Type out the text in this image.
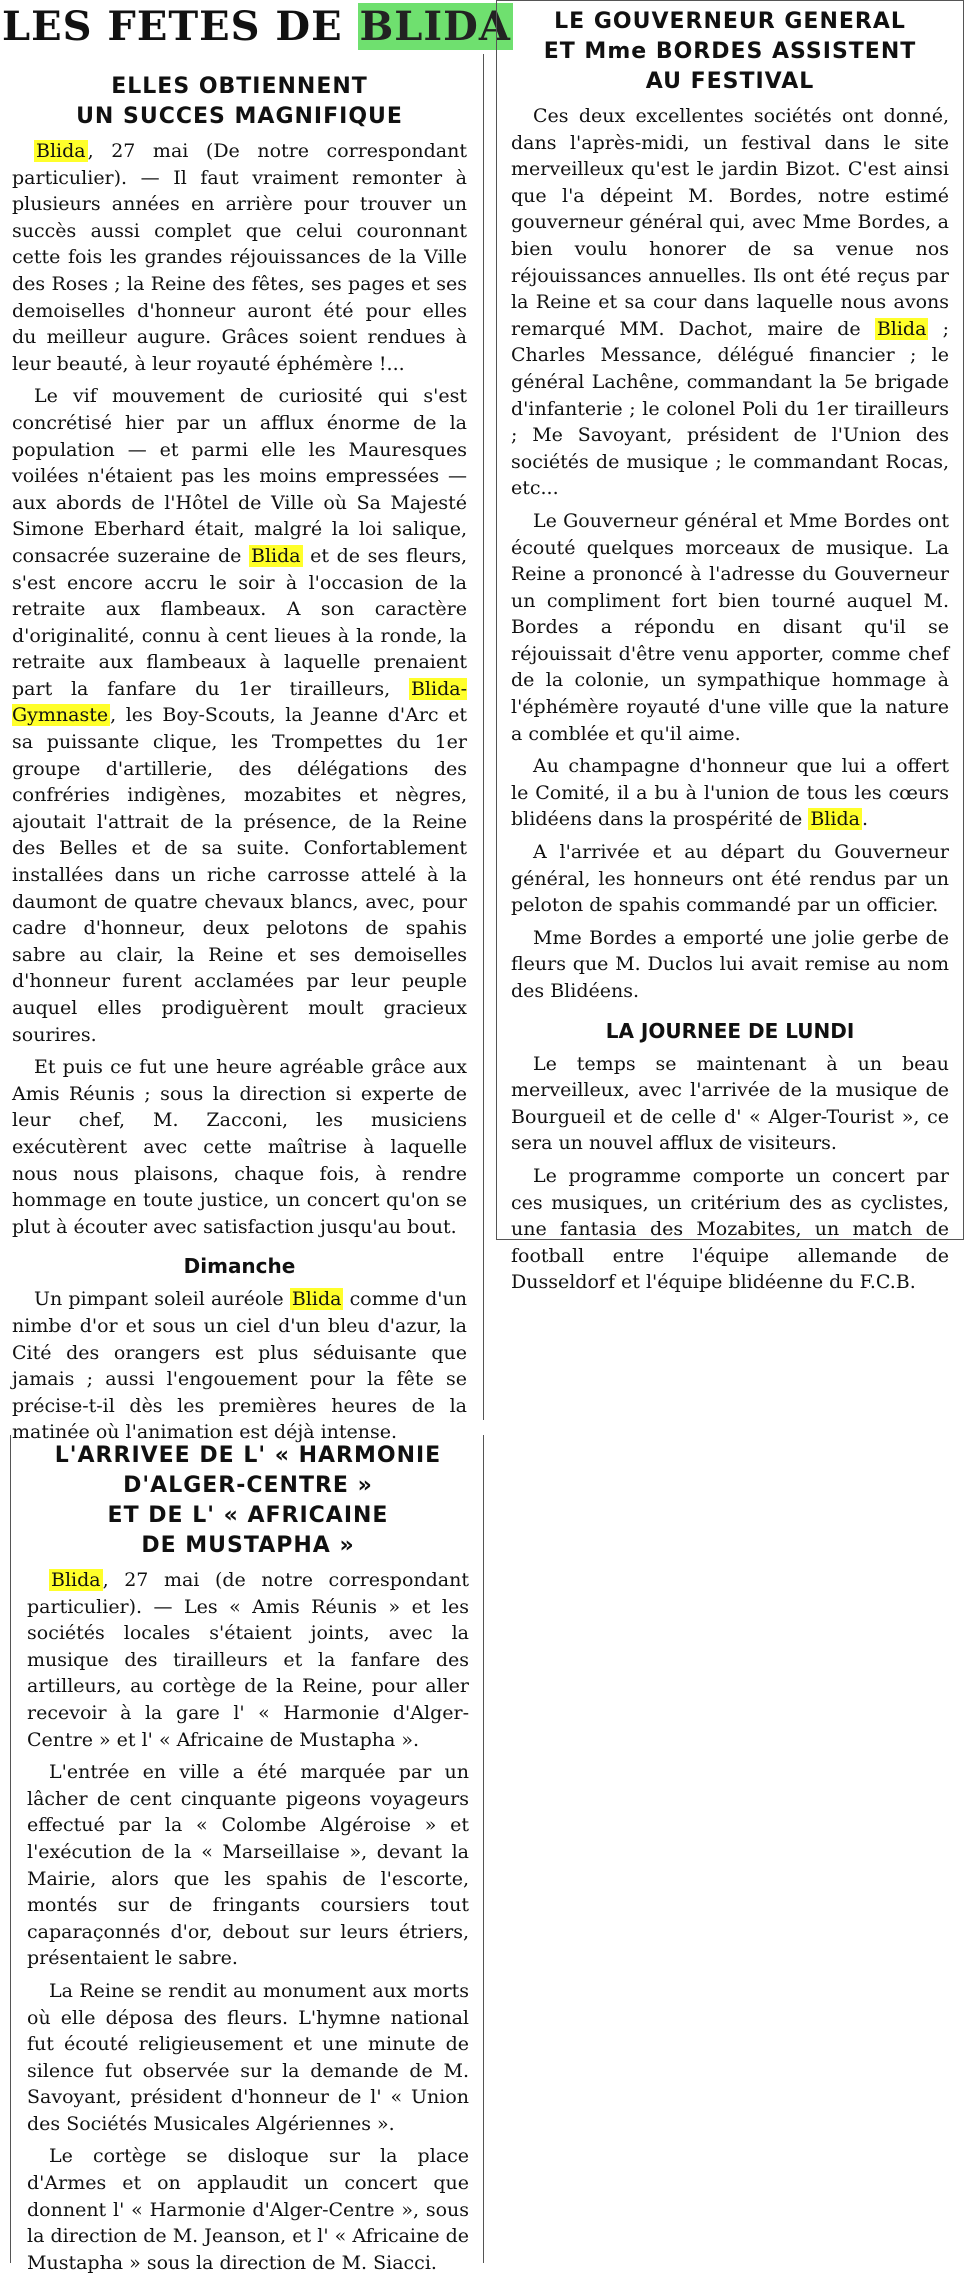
LES FETES DE BLIDA
ELLES OBTIENNENT
UN SUCCES MAGNIFIQUE

Blida , 27 mai (De notre correspondant particulier). — Il faut vraiment remonter à plusieurs années en arrière pour trouver un succès aussi complet que celui couronnant cette fois les grandes réjouissances de la Ville des Roses ; la Reine des fêtes, ses pages et ses demoiselles d'honneur auront été pour elles du meilleur augure. Grâces soient rendues à leur beauté, à leur royauté éphémère !...

Le vif mouvement de curiosité qui s'est concrétisé hier par un afflux énorme de la population — et parmi elle les Mauresques voilées n'étaient pas les moins empressées — aux abords de l'Hôtel de Ville où Sa Majesté Simone Eberhard était, malgré la loi salique, consacrée suzeraine de Blida et de ses fleurs, s'est encore accru le soir à l'occasion de la retraite aux flambeaux. A son caractère d'originalité, connu à cent lieues à la ronde, la retraite aux flambeaux à laquelle prenaient part la fanfare du 1er tirailleurs, Blida-Gymnaste , les Boy-Scouts, la Jeanne d'Arc et sa puissante clique, les Trompettes du 1er groupe d'artillerie, des délégations des confréries indigènes, mozabites et nègres, ajoutait l'attrait de la présence, de la Reine des Belles et de sa suite. Confortablement installées dans un riche carrosse attelé à la daumont de quatre chevaux blancs, avec, pour cadre d'honneur, deux pelotons de spahis sabre au clair, la Reine et ses demoiselles d'honneur furent acclamées par leur peuple auquel elles prodiguèrent moult gracieux sourires.

Et puis ce fut une heure agréable grâce aux Amis Réunis ; sous la direction si experte de leur chef, M. Zacconi, les musiciens exécutèrent avec cette maîtrise à laquelle nous nous plaisons, chaque fois, à rendre hommage en toute justice, un concert qu'on se plut à écouter avec satisfaction jusqu'au bout.

Dimanche

Un pimpant soleil auréole Blida comme d'un nimbe d'or et sous un ciel d'un bleu d'azur, la Cité des orangers est plus séduisante que jamais ; aussi l'engouement pour la fête se précise-t-il dès les premières heures de la matinée où l'animation est déjà intense.

LE GOUVERNEUR GENERAL
ET Mme BORDES ASSISTENT
AU FESTIVAL

Ces deux excellentes sociétés ont donné, dans l'après-midi, un festival dans le site merveilleux qu'est le jardin Bizot. C'est ainsi que l'a dépeint M. Bordes, notre estimé gouverneur général qui, avec Mme Bordes, a bien voulu honorer de sa venue nos réjouissances annuelles. Ils ont été reçus par la Reine et sa cour dans laquelle nous avons remarqué MM. Dachot, maire de Blida ; Charles Messance, délégué financier ; le général Lachêne, commandant la 5e brigade d'infanterie ; le colonel Poli du 1er tirailleurs ; Me Savoyant, président de l'Union des sociétés de musique ; le commandant Rocas, etc...

Le Gouverneur général et Mme Bordes ont écouté quelques morceaux de musique. La Reine a prononcé à l'adresse du Gouverneur un compliment fort bien tourné auquel M. Bordes a répondu en disant qu'il se réjouissait d'être venu apporter, comme chef de la colonie, un sympathique hommage à l'éphémère royauté d'une ville que la nature a comblée et qu'il aime.

Au champagne d'honneur que lui a offert le Comité, il a bu à l'union de tous les cœurs blidéens dans la prospérité de Blida .

A l'arrivée et au départ du Gouverneur général, les honneurs ont été rendus par un peloton de spahis commandé par un officier.

Mme Bordes a emporté une jolie gerbe de fleurs que M. Duclos lui avait remise au nom des Blidéens.

LA JOURNEE DE LUNDI

Le temps se maintenant à un beau merveilleux, avec l'arrivée de la musique de Bourgueil et de celle d' « Alger-Tourist », ce sera un nouvel afflux de visiteurs.

Le programme comporte un concert par ces musiques, un critérium des as cyclistes, une fantasia des Mozabites, un match de football entre l'équipe allemande de Dusseldorf et l'équipe blidéenne du F.C.B.

L'ARRIVEE DE L' « HARMONIE
D'ALGER-CENTRE »
ET DE L' « AFRICAINE
DE MUSTAPHA »

Blida , 27 mai (de notre correspondant particulier). — Les « Amis Réunis » et les sociétés locales s'étaient joints, avec la musique des tirailleurs et la fanfare des artilleurs, au cortège de la Reine, pour aller recevoir à la gare l' « Harmonie d'Alger-Centre » et l' « Africaine de Mustapha ».

L'entrée en ville a été marquée par un lâcher de cent cinquante pigeons voyageurs effectué par la « Colombe Algéroise » et l'exécution de la « Marseillaise », devant la Mairie, alors que les spahis de l'escorte, montés sur de fringants coursiers tout caparaçonnés d'or, debout sur leurs étriers, présentaient le sabre.

La Reine se rendit au monument aux morts où elle déposa des fleurs. L'hymne national fut écouté religieusement et une minute de silence fut observée sur la demande de M. Savoyant, président d'honneur de l' « Union des Sociétés Musicales Algériennes ».

Le cortège se disloque sur la place d'Armes et on applaudit un concert que donnent l' « Harmonie d'Alger-Centre », sous la direction de M. Jeanson, et l' « Africaine de Mustapha » sous la direction de M. Siacci.
